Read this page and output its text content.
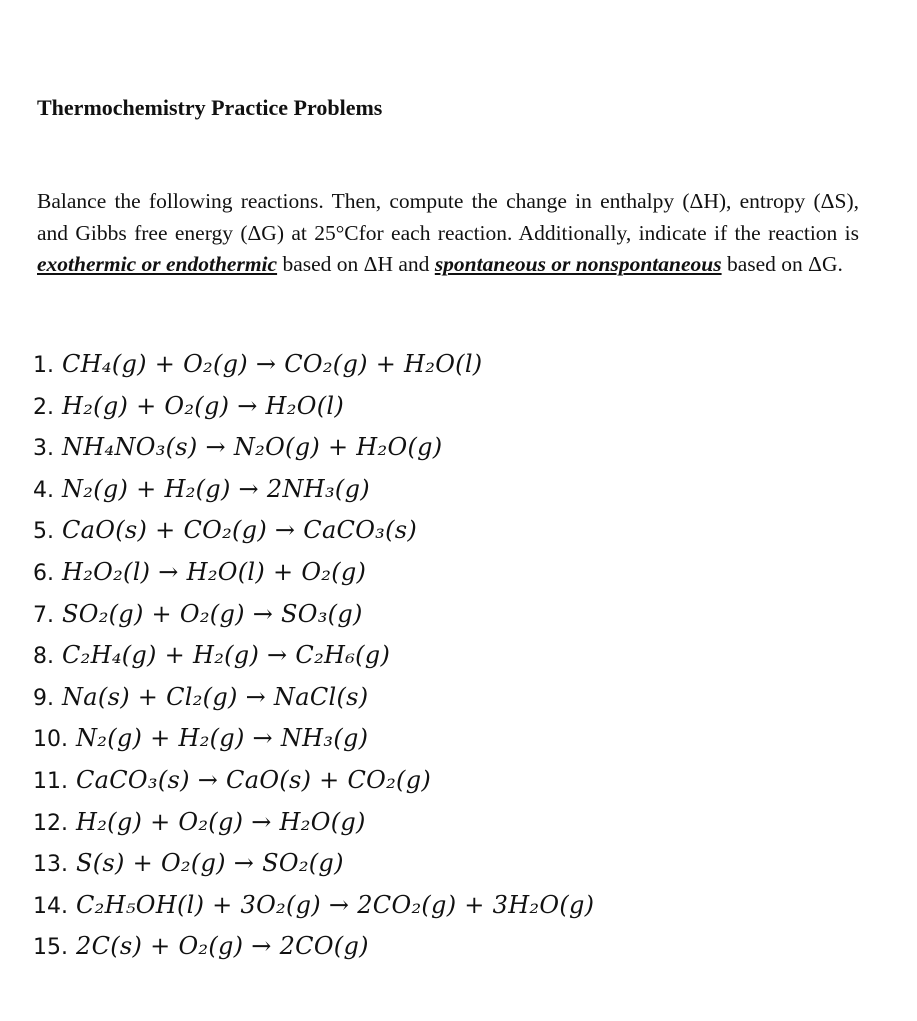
Thermochemistry Practice Problems
Balance the following reactions. Then, compute the change in enthalpy (ΔH), entropy (ΔS), and Gibbs free energy (ΔG) at 25°Cfor each reaction. Additionally, indicate if the reaction is exothermic or endothermic based on ΔH and spontaneous or nonspontaneous based on ΔG.
1. CH₄(g) + O₂(g) → CO₂(g) + H₂O(l)
2. H₂(g) + O₂(g) → H₂O(l)
3. NH₄NO₃(s) → N₂O(g) + H₂O(g)
4. N₂(g) + H₂(g) → 2NH₃(g)
5. CaO(s) + CO₂(g) → CaCO₃(s)
6. H₂O₂(l) → H₂O(l) + O₂(g)
7. SO₂(g) + O₂(g) → SO₃(g)
8. C₂H₄(g) + H₂(g) → C₂H₆(g)
9. Na(s) + Cl₂(g) → NaCl(s)
10. N₂(g) + H₂(g) → NH₃(g)
11. CaCO₃(s) → CaO(s) + CO₂(g)
12. H₂(g) + O₂(g) → H₂O(g)
13. S(s) + O₂(g) → SO₂(g)
14. C₂H₅OH(l) + 3O₂(g) → 2CO₂(g) + 3H₂O(g)
15. 2C(s) + O₂(g) → 2CO(g)
